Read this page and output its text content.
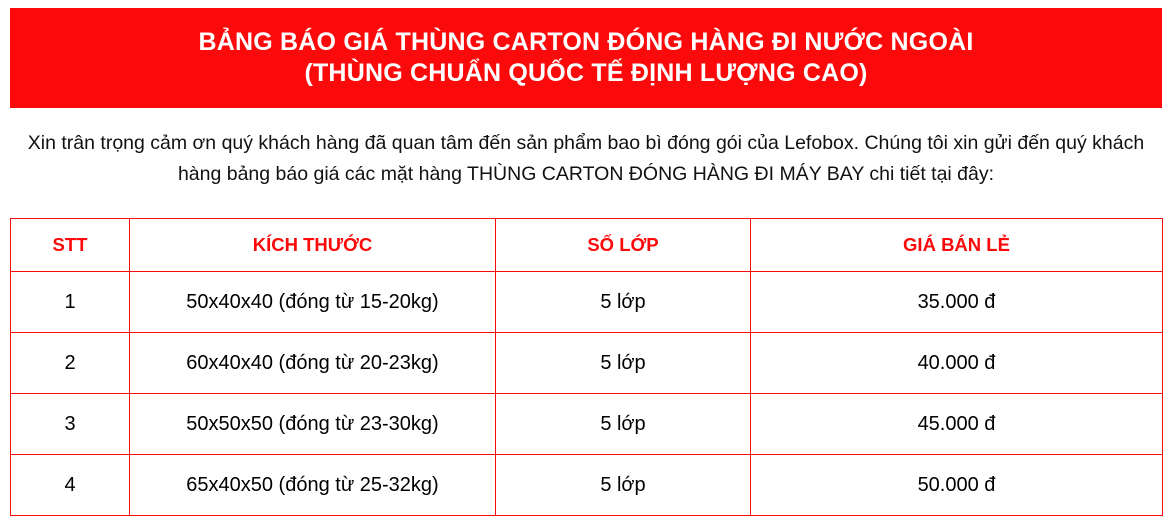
BẢNG BÁO GIÁ THÙNG CARTON ĐÓNG HÀNG ĐI NƯỚC NGOÀI
(THÙNG CHUẨN QUỐC TẾ ĐỊNH LƯỢNG CAO)
Xin trân trọng cảm ơn quý khách hàng đã quan tâm đến sản phẩm bao bì đóng gói của Lefobox. Chúng tôi xin gửi đến quý khách hàng bảng báo giá các mặt hàng THÙNG CARTON ĐÓNG HÀNG ĐI MÁY BAY chi tiết tại đây:
STT	KÍCH THƯỚC	SỐ LỚP	GIÁ BÁN LẺ
1	50x40x40 (đóng từ 15-20kg)	5 lớp	35.000 đ
2	60x40x40 (đóng từ 20-23kg)	5 lớp	40.000 đ
3	50x50x50 (đóng từ 23-30kg)	5 lớp	45.000 đ
4	65x40x50 (đóng từ 25-32kg)	5 lớp	50.000 đ
